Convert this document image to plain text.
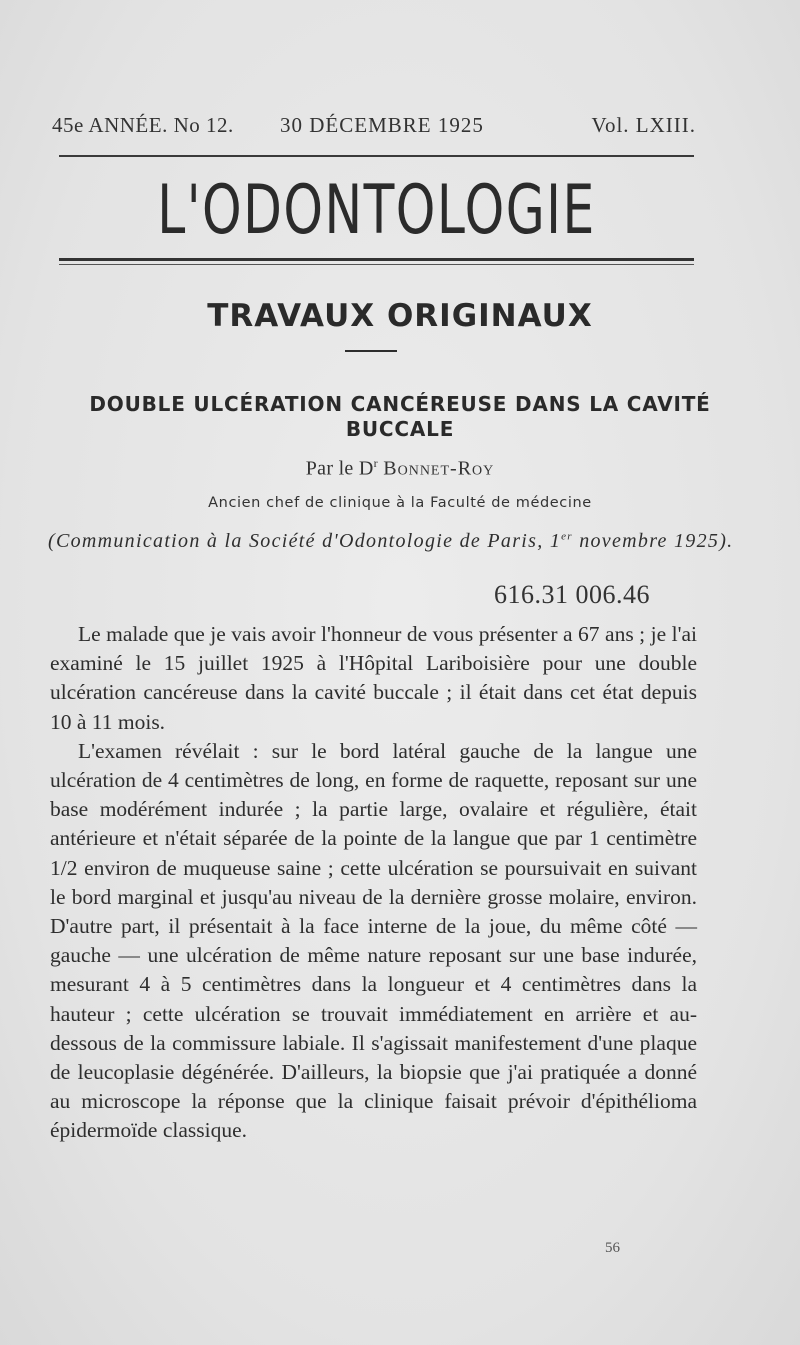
45e ANNÉE. No 12. 30 DÉCEMBRE 1925	Vol. LXIII.
L'ODONTOLOGIE
TRAVAUX ORIGINAUX
DOUBLE ULCÉRATION CANCÉREUSE DANS LA CAVITÉ BUCCALE
Par le $D^r$ Bonnet-Roy
Ancien chef de clinique à la Faculté de médecine
(Communication à la Société d'Odontologie de Paris, 1er novembre 1925).
616.31 006.46

Le malade que je vais avoir l'honneur de vous présenter a 67 ans ; je l'ai examiné le 15 juillet 1925 à l'Hôpital Lariboisière pour une double ulcération cancéreuse dans la cavité buccale ; il était dans cet état depuis 10 à 11 mois.

L'examen révélait : sur le bord latéral gauche de la langue une ulcération de 4 centimètres de long, en forme de raquette, reposant sur une base modérément indurée ; la partie large, ovalaire et régulière, était antérieure et n'était séparée de la pointe de la langue que par 1 centimètre 1/2 environ de muqueuse saine ; cette ulcération se poursuivait en suivant le bord marginal et jusqu'au niveau de la dernière grosse molaire, environ. D'autre part, il présentait à la face interne de la joue, du même côté — gauche — une ulcération de même nature reposant sur une base indurée, mesurant 4 à 5 centimètres dans la longueur et 4 centimètres dans la hauteur ; cette ulcération se trouvait immédiatement en arrière et au-dessous de la commissure labiale. Il s'agissait manifestement d'une plaque de leucoplasie dégénérée. D'ailleurs, la biopsie que j'ai pratiquée a donné au microscope la réponse que la clinique faisait prévoir d'épithélioma épidermoïde classique.

56
